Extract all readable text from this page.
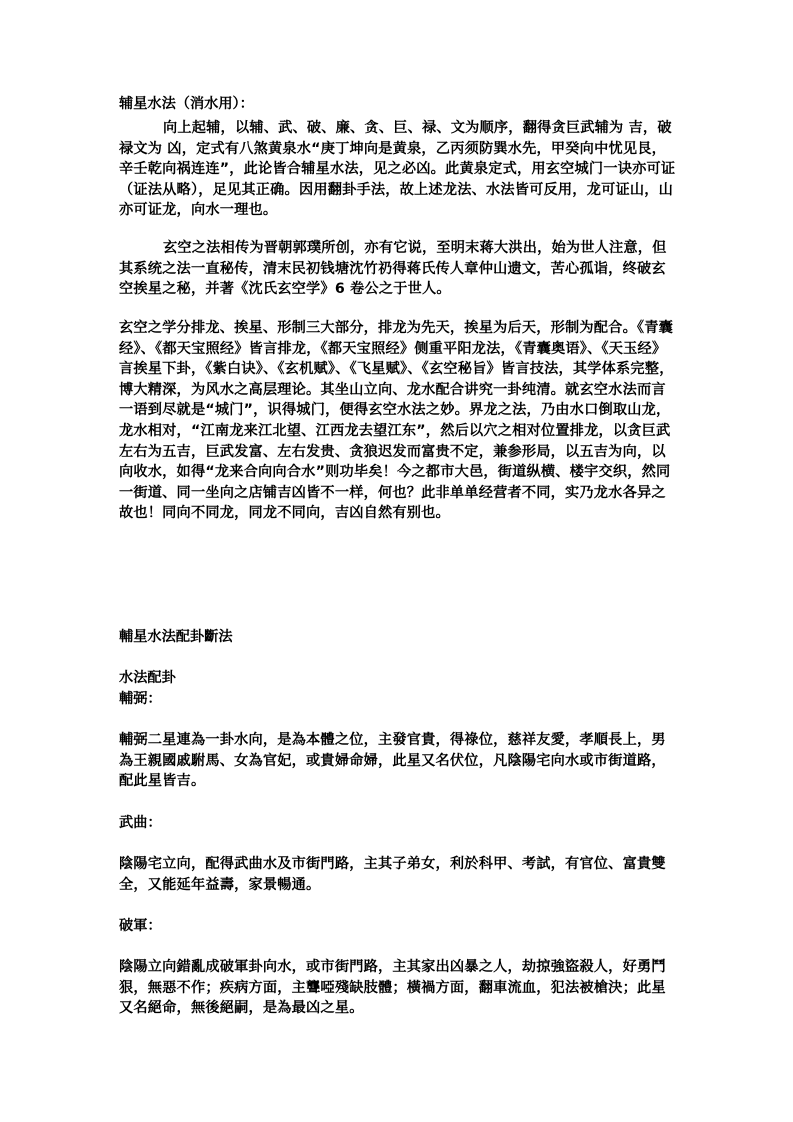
辅星水法（消水用）：

向上起辅，以辅、武、破、廉、贪、巨、禄、文为顺序，翻得贪巨武辅为 吉，破禄文为 凶，定式有八煞黄泉水“庚丁坤向是黄泉，乙丙须防巽水先，甲癸向中忧见艮，辛壬乾向祸连连”，此论皆合辅星水法，见之必凶。此黄泉定式，用玄空城门一诀亦可证（证法从略），足见其正确。因用翻卦手法，故上述龙法、水法皆可反用，龙可证山，山亦可证龙，向水一理也。

玄空之法相传为晋朝郭璞所创，亦有它说，至明末蒋大洪出，始为世人注意，但其系统之法一直秘传，清末民初钱塘沈竹礽得蒋氏传人章仲山遗文，苦心孤诣，终破玄空挨星之秘，并著《沈氏玄空学》6 卷公之于世人。

玄空之学分排龙、挨星、形制三大部分，排龙为先天，挨星为后天，形制为配合。《青囊经》、《都天宝照经》皆言排龙，《都天宝照经》侧重平阳龙法，《青囊奥语》、《天玉经》言挨星下卦，《紫白诀》、《玄机赋》、《飞星赋》、《玄空秘旨》皆言技法，其学体系完整，博大精深，为风水之高层理论。其坐山立向、龙水配合讲究一卦纯清。就玄空水法而言一语到尽就是“城门”，识得城门，便得玄空水法之妙。界龙之法，乃由水口倒取山龙，龙水相对，“江南龙来江北望、江西龙去望江东”，然后以穴之相对位置排龙，以贪巨武左右为五吉，巨武发富、左右发贵、贪狼迟发而富贵不定，兼参形局，以五吉为向，以向收水，如得“龙来合向向合水”则功毕矣！今之都市大邑，街道纵横、楼宇交织，然同一街道、同一坐向之店铺吉凶皆不一样，何也？此非单单经营者不同，实乃龙水各异之故也！同向不同龙，同龙不同向，吉凶自然有别也。

輔星水法配卦斷法

水法配卦

輔弼：

輔弼二星連為一卦水向，是為本體之位，主發官貴，得祿位，慈祥友愛，孝順長上，男為王親國戚駙馬、女為官妃，或貴婦命婦，此星又名伏位，凡陰陽宅向水或市街道路，配此星皆吉。

武曲：

陰陽宅立向，配得武曲水及市街門路，主其子弟女，利於科甲、考試，有官位、富貴雙全，又能延年益壽，家景暢通。

破軍：

陰陽立向錯亂成破軍卦向水，或市街門路，主其家出凶暴之人，劫掠強盜殺人，好勇鬥狠，無惡不作；疾病方面，主聾啞殘缺肢體；橫禍方面，翻車流血，犯法被槍決；此星又名絕命，無後絕嗣，是為最凶之星。
